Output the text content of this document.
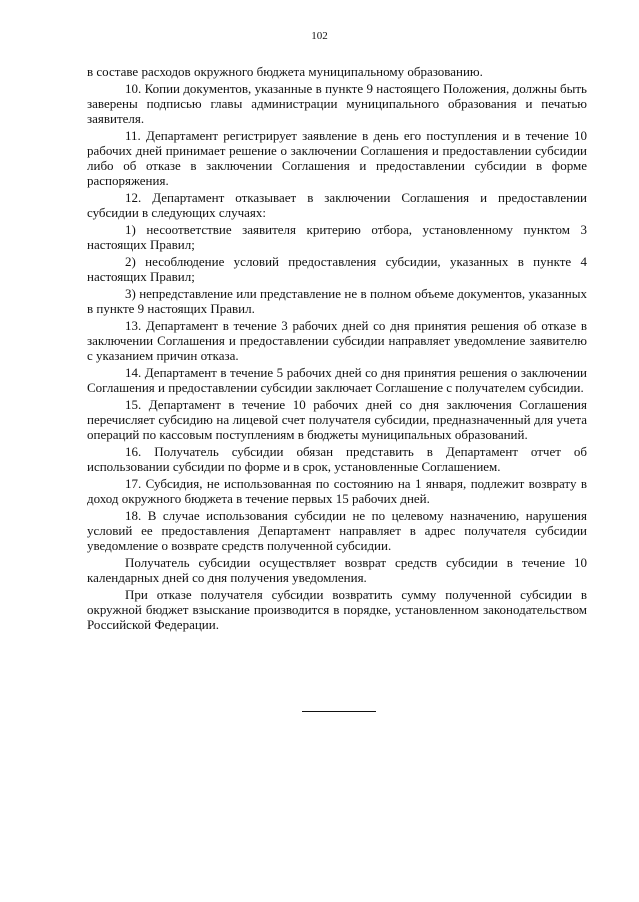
102

в составе расходов окружного бюджета муниципальному образованию.

10. Копии документов, указанные в пункте 9 настоящего Положения, должны быть заверены подписью главы администрации муниципального образования и печатью заявителя.

11. Департамент регистрирует заявление в день его поступления и в течение 10 рабочих дней принимает решение о заключении Соглашения и предоставлении субсидии либо об отказе в заключении Соглашения и предоставлении субсидии в форме распоряжения.

12. Департамент отказывает в заключении Соглашения и предоставлении субсидии в следующих случаях:

1) несоответствие заявителя критерию отбора, установленному пунктом 3 настоящих Правил;

2) несоблюдение условий предоставления субсидии, указанных в пункте 4 настоящих Правил;

3) непредставление или представление не в полном объеме документов, указанных в пункте 9 настоящих Правил.

13. Департамент в течение 3 рабочих дней со дня принятия решения об отказе в заключении Соглашения и предоставлении субсидии направляет уведомление заявителю с указанием причин отказа.

14. Департамент в течение 5 рабочих дней со дня принятия решения о заключении Соглашения и предоставлении субсидии заключает Соглашение с получателем субсидии.

15. Департамент в течение 10 рабочих дней со дня заключения Соглашения перечисляет субсидию на лицевой счет получателя субсидии, предназначенный для учета операций по кассовым поступлениям в бюджеты муниципальных образований.

16. Получатель субсидии обязан представить в Департамент отчет об использовании субсидии по форме и в срок, установленные Соглашением.

17. Субсидия, не использованная по состоянию на 1 января, подлежит возврату в доход окружного бюджета в течение первых 15 рабочих дней.

18. В случае использования субсидии не по целевому назначению, нарушения условий ее предоставления Департамент направляет в адрес получателя субсидии уведомление о возврате средств полученной субсидии.

Получатель субсидии осуществляет возврат средств субсидии в течение 10 календарных дней со дня получения уведомления.

При отказе получателя субсидии возвратить сумму полученной субсидии в окружной бюджет взыскание производится в порядке, установленном законодательством Российской Федерации.
